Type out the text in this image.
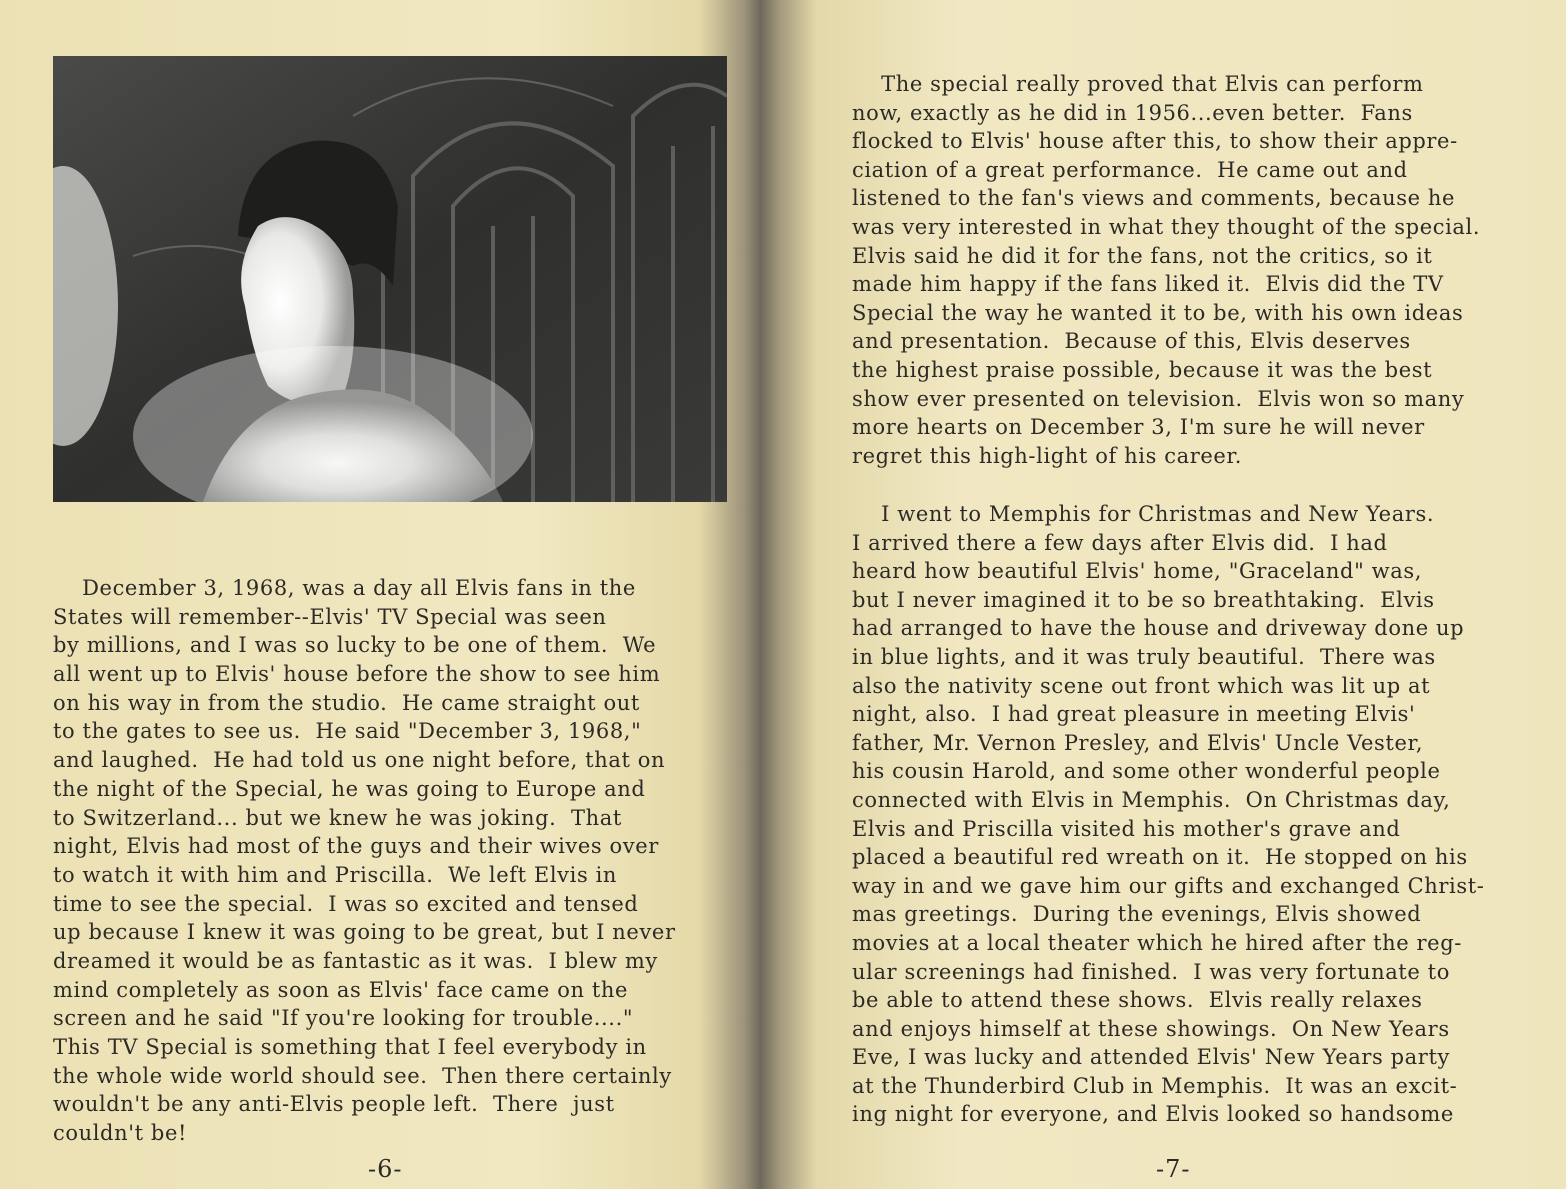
December 3, 1968, was a day all Elvis fans in the
States will remember--Elvis' TV Special was seen
by millions, and I was so lucky to be one of them.  We
all went up to Elvis' house before the show to see him
on his way in from the studio.  He came straight out
to the gates to see us.  He said "December 3, 1968,"
and laughed.  He had told us one night before, that on
the night of the Special, he was going to Europe and
to Switzerland... but we knew he was joking.  That
night, Elvis had most of the guys and their wives over
to watch it with him and Priscilla.  We left Elvis in
time to see the special.  I was so excited and tensed
up because I knew it was going to be great, but I never
dreamed it would be as fantastic as it was.  I blew my
mind completely as soon as Elvis' face came on the
screen and he said "If you're looking for trouble...."
This TV Special is something that I feel everybody in
the whole wide world should see.  Then there certainly
wouldn't be any anti-Elvis people left.  There  just
couldn't be!
-6-
The special really proved that Elvis can perform
now, exactly as he did in 1956...even better.  Fans
flocked to Elvis' house after this, to show their appre-
ciation of a great performance.  He came out and
listened to the fan's views and comments, because he
was very interested in what they thought of the special.
Elvis said he did it for the fans, not the critics, so it
made him happy if the fans liked it.  Elvis did the TV
Special the way he wanted it to be, with his own ideas
and presentation.  Because of this, Elvis deserves
the highest praise possible, because it was the best
show ever presented on television.  Elvis won so many
more hearts on December 3, I'm sure he will never
regret this high-light of his career.
I went to Memphis for Christmas and New Years.
I arrived there a few days after Elvis did.  I had
heard how beautiful Elvis' home, "Graceland" was,
but I never imagined it to be so breathtaking.  Elvis
had arranged to have the house and driveway done up
in blue lights, and it was truly beautiful.  There was
also the nativity scene out front which was lit up at
night, also.  I had great pleasure in meeting Elvis'
father, Mr. Vernon Presley, and Elvis' Uncle Vester,
his cousin Harold, and some other wonderful people
connected with Elvis in Memphis.  On Christmas day,
Elvis and Priscilla visited his mother's grave and
placed a beautiful red wreath on it.  He stopped on his
way in and we gave him our gifts and exchanged Christ-
mas greetings.  During the evenings, Elvis showed
movies at a local theater which he hired after the reg-
ular screenings had finished.  I was very fortunate to
be able to attend these shows.  Elvis really relaxes
and enjoys himself at these showings.  On New Years
Eve, I was lucky and attended Elvis' New Years party
at the Thunderbird Club in Memphis.  It was an excit-
ing night for everyone, and Elvis looked so handsome
-7-
